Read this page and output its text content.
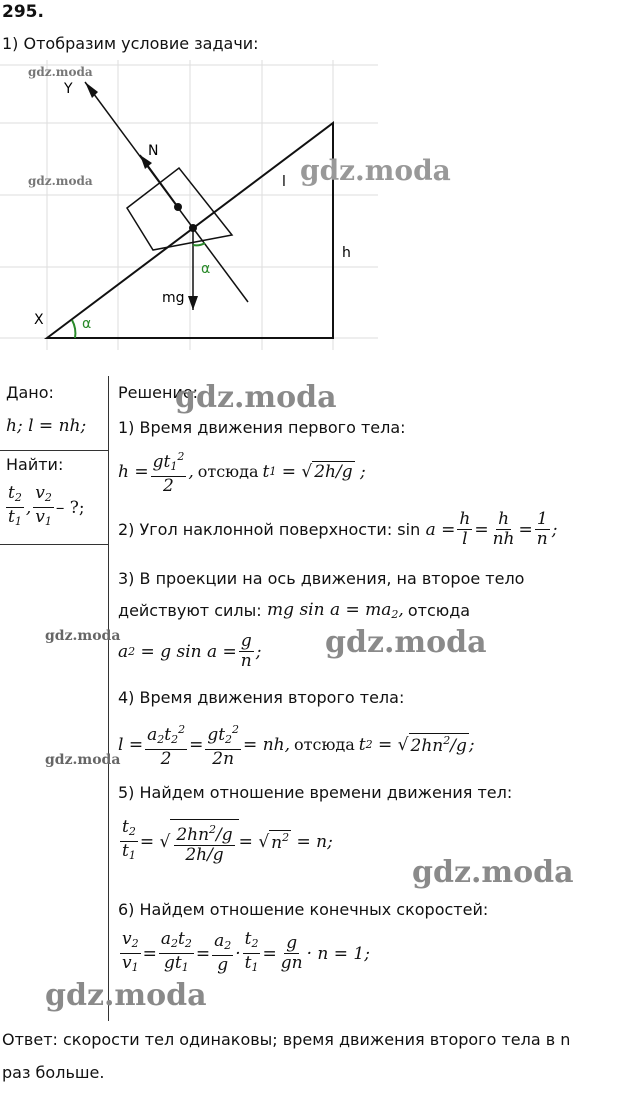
295.
1) Отобразим условие задачи:
Y
N
l
h
mg
α
α
X
gdz.moda
gdz.moda	gdz.moda
Дано:
h; l = nh;
Найти:
$\frac{t_2}{t_1}$ , $\frac{v_2}{v_1}$ – ?;
Решение:
1) Время движения первого тела:
$h = \frac{gt_1^2}{2}$ , отсюда t 1 = √ 2h/g ;
2) Угол наклонной поверхности: $\sin a = \frac{h}{l} = \frac{h}{nh} = \frac{1}{n}$ ;
3) В проекции на ось движения, на второе тело
действуют силы: mg $\sin a = ma_2$, отсюда
a 2 = g $\sin a = \frac{g}{n}$ ;
4) Время движения второго тела:
$l = \frac{a_2t_2^2}{2} = \frac{gt_2^2}{2n}$ = nh, отсюда t 2 = √ $2hn^2/g$ ;
5) Найдем отношение времени движения тел:
$\frac{t_2}{t_1}$ = √ $\frac{2hn^2/g}{2h/g}$ = √ $n^2 = n$;
6) Найдем отношение конечных скоростей:
$\frac{v_2}{v_1} = \frac{a_2t_2}{gt_1} = \frac{a_2}{g} \cdot \frac{t_2}{t_1} = \frac{g}{gn} \cdot n = 1$;
Ответ: скорости тел одинаковы; время движения второго тела в n
раз больше.
gdz.moda
gdz.moda	gdz.moda
gdz.moda
gdz.moda
gdz.moda
